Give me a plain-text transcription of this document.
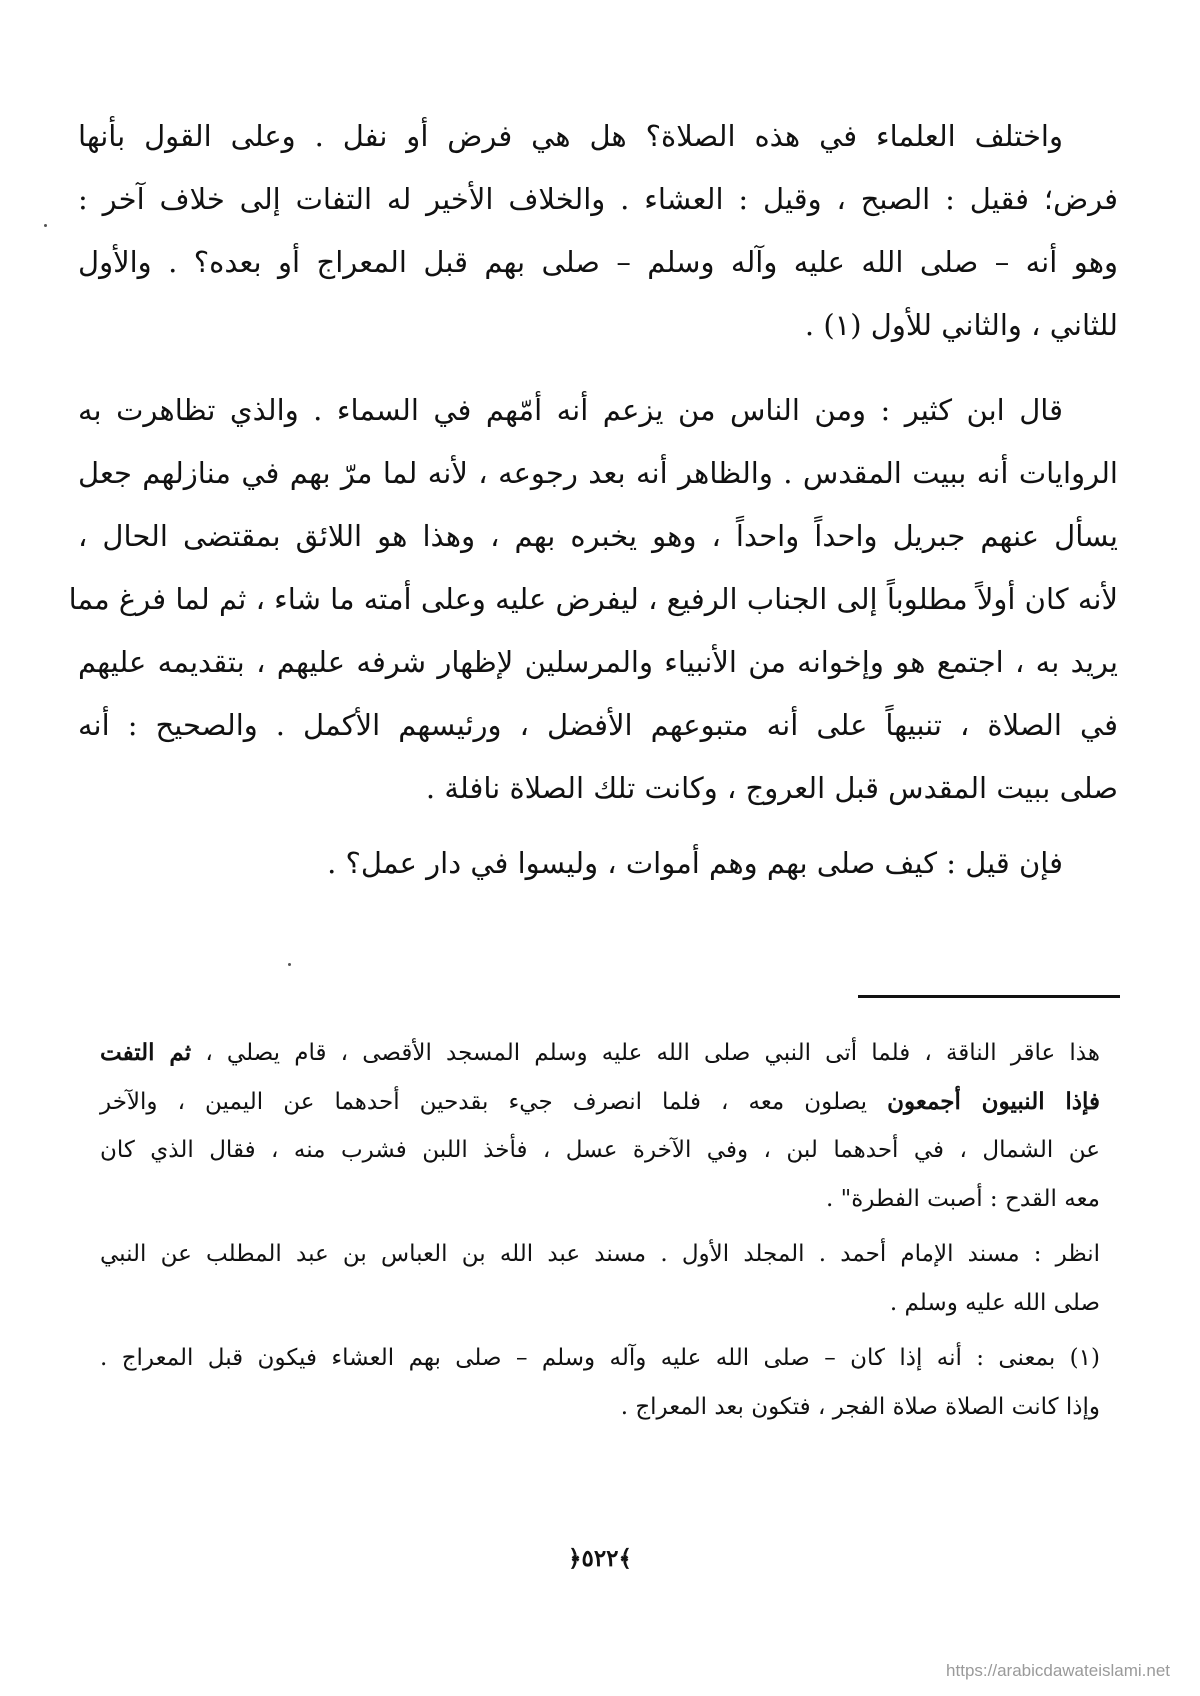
واختلف العلماء في هذه الصلاة؟ هل هي فرض أو نفل . وعلى القول بأنها
فرض؛ فقيل : الصبح ، وقيل : العشاء . والخلاف الأخير له التفات إلى خلاف آخر :
وهو أنه – صلى الله عليه وآله وسلم – صلى بهم قبل المعراج أو بعده؟ . والأول
للثاني ، والثاني للأول (١) .
قال ابن كثير : ومن الناس من يزعم أنه أمّهم في السماء . والذي تظاهرت به
الروايات أنه ببيت المقدس . والظاهر أنه بعد رجوعه ، لأنه لما مرّ بهم في منازلهم جعل
يسأل عنهم جبريل واحداً واحداً ، وهو يخبره بهم ، وهذا هو اللائق بمقتضى الحال ،
لأنه كان أولاً مطلوباً إلى الجناب الرفيع ، ليفرض عليه وعلى أمته ما شاء ، ثم لما فرغ مما
يريد به ، اجتمع هو وإخوانه من الأنبياء والمرسلين لإظهار شرفه عليهم ، بتقديمه عليهم
في الصلاة ، تنبيهاً على أنه متبوعهم الأفضل ، ورئيسهم الأكمل . والصحيح : أنه
صلى ببيت المقدس قبل العروج ، وكانت تلك الصلاة نافلة .
فإن قيل : كيف صلى بهم وهم أموات ، وليسوا في دار عمل؟ .
هذا عاقر الناقة ، فلما أتى النبي صلى الله عليه وسلم المسجد الأقصى ، قام يصلي ، ثم التفت
فإذا النبيون أجمعون يصلون معه ، فلما انصرف جيء بقدحين أحدهما عن اليمين ، والآخر
عن الشمال ، في أحدهما لبن ، وفي الآخرة عسل ، فأخذ اللبن فشرب منه ، فقال الذي كان
معه القدح : أصبت الفطرة" .
انظر : مسند الإمام أحمد . المجلد الأول . مسند عبد الله بن العباس بن عبد المطلب عن النبي
صلى الله عليه وسلم .
(١) بمعنى : أنه إذا كان – صلى الله عليه وآله وسلم – صلى بهم العشاء فيكون قبل المعراج .
وإذا كانت الصلاة صلاة الفجر ، فتكون بعد المعراج .
﴿٥٢٢﴾
https://arabicdawateislami.net
